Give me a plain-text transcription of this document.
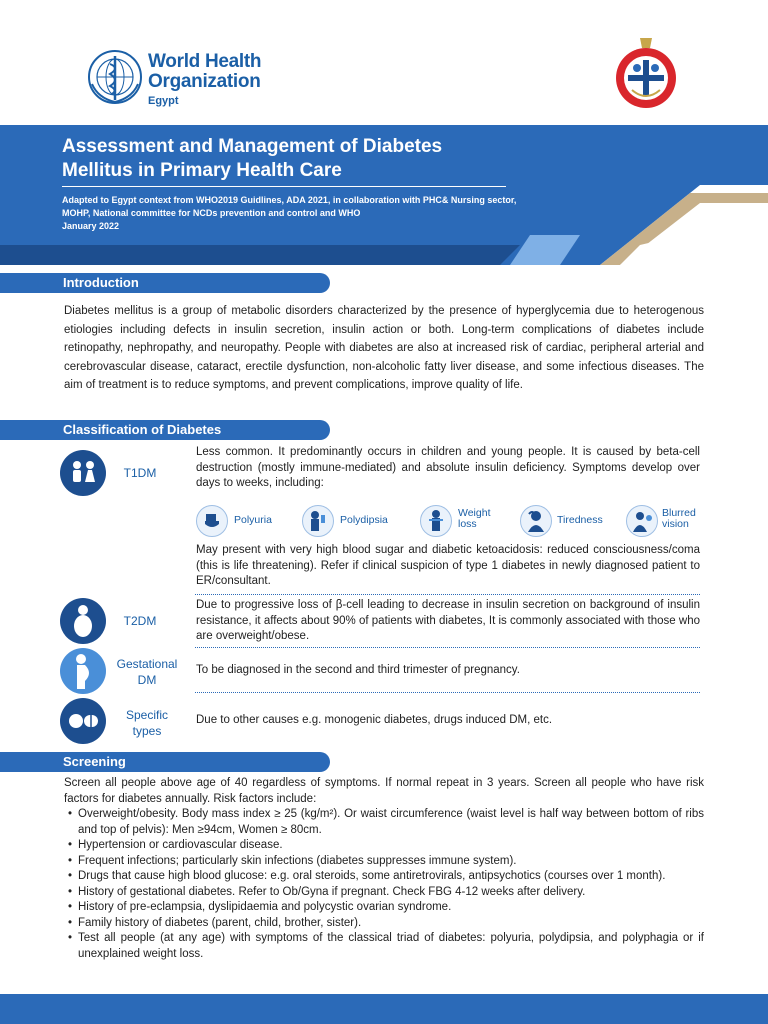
World Health
Organization
Egypt
Assessment and Management of Diabetes
Mellitus in Primary Health Care
Adapted to Egypt context from WHO2019 Guidlines, ADA 2021, in collaboration with PHC& Nursing sector,
MOHP, National committee for NCDs prevention and control and WHO
January 2022
Introduction
Diabetes mellitus is a group of metabolic disorders characterized by the presence of hyperglycemia due to heterogenous etiologies including defects in insulin secretion, insulin action or both. Long-term complications of diabetes include retinopathy, nephropathy, and neuropathy. People with diabetes are also at increased risk of cardiac, peripheral arterial and cerebrovascular disease, cataract, erectile dysfunction, non-alcoholic fatty liver disease, and some infectious diseases. The aim of treatment is to reduce symptoms, and prevent complications, improve quality of life.
Classification of Diabetes
T1DM
Less common. It predominantly occurs in children and young people. It is caused by beta-cell destruction (mostly immune-mediated) and absolute insulin deficiency. Symptoms develop over days to weeks, including:
Polyuria	Polydipsia
Weight loss	Tiredness
Blurred vision
May present with very high blood sugar and diabetic ketoacidosis: reduced consciousness/coma (this is life threatening). Refer if clinical suspicion of type 1 diabetes in newly diagnosed patient to ER/consultant.
T2DM
Due to progressive loss of β-cell leading to decrease in insulin secretion on background of insulin resistance, it affects about 90% of patients with diabetes, It is commonly associated with those who are overweight/obese.
Gestational
DM
To be diagnosed in the second and third trimester of pregnancy.
Specific
types
Due to other causes e.g. monogenic diabetes, drugs induced DM, etc.
Screening
Screen all people above age of 40 regardless of symptoms. If normal repeat in 3 years. Screen all people who have risk factors for diabetes annually. Risk factors include:
• Overweight/obesity. Body mass index ≥ 25 (kg/m²). Or waist circumference (waist level is half way between bottom of ribs and top of pelvis): Men ≥94cm, Women ≥ 80cm.
• Hypertension or cardiovascular disease.
• Frequent infections; particularly skin infections (diabetes suppresses immune system).
• Drugs that cause high blood glucose: e.g. oral steroids, some antiretrovirals, antipsychotics (courses over 1 month).
• History of gestational diabetes. Refer to Ob/Gyna if pregnant. Check FBG 4-12 weeks after delivery.
• History of pre-eclampsia, dyslipidaemia and polycystic ovarian syndrome.
• Family history of diabetes (parent, child, brother, sister).
• Test all people (at any age) with symptoms of the classical triad of diabetes: polyuria, polydipsia, and polyphagia or if unexplained weight loss.
